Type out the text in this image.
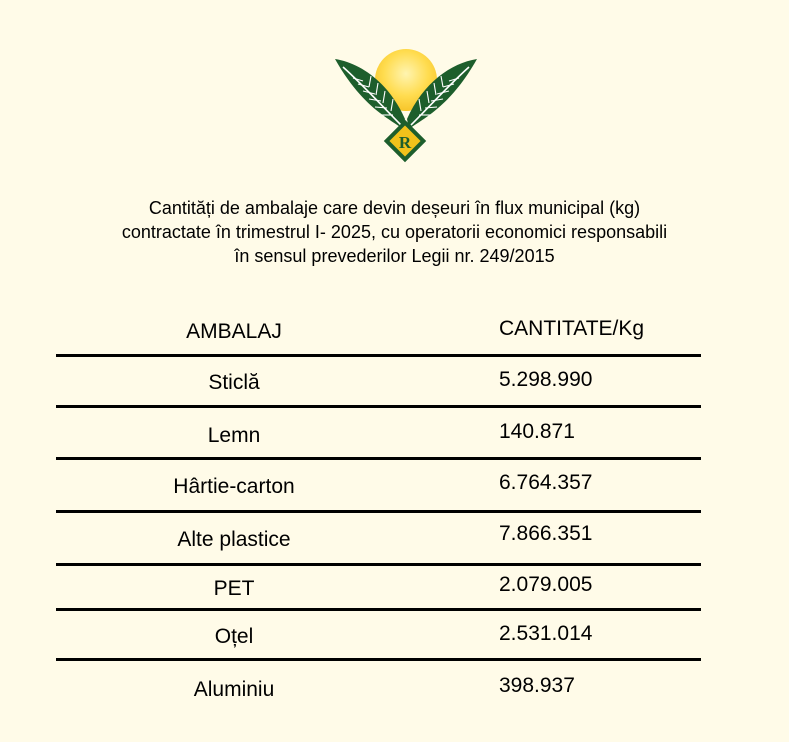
R
Cantități de ambalaje care devin deșeuri în flux municipal (kg)
contractate în trimestrul I- 2025, cu operatorii economici responsabili
în sensul prevederilor Legii nr. 249/2015
AMBALAJ	CANTITATE/Kg
Sticlă	5.298.990
Lemn	140.871
Hârtie-carton	6.764.357
Alte plastice	7.866.351
PET	2.079.005
Oțel	2.531.014
Aluminiu	398.937
